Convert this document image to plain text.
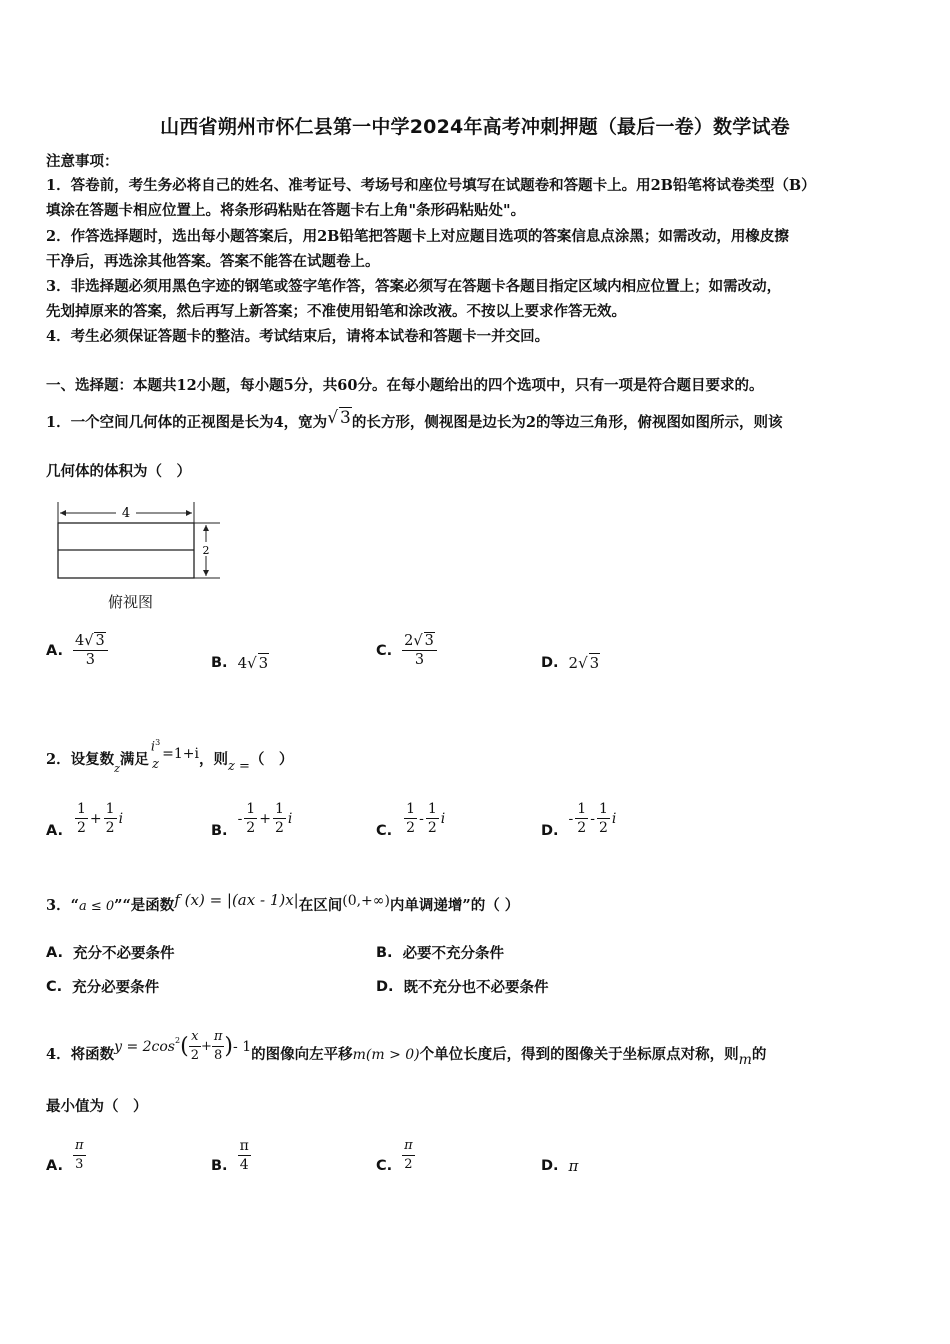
山西省朔州市怀仁县第一中学2024年高考冲刺押题（最后一卷）数学试卷
注意事项：
1．答卷前，考生务必将自己的姓名、准考证号、考场号和座位号填写在试题卷和答题卡上。用2B铅笔将试卷类型（B）
填涂在答题卡相应位置上。将条形码粘贴在答题卡右上角"条形码粘贴处"。
2．作答选择题时，选出每小题答案后，用2B铅笔把答题卡上对应题目选项的答案信息点涂黑；如需改动，用橡皮擦
干净后，再选涂其他答案。答案不能答在试题卷上。
3．非选择题必须用黑色字迹的钢笔或签字笔作答，答案必须写在答题卡各题目指定区域内相应位置上；如需改动，
先划掉原来的答案，然后再写上新答案；不准使用铅笔和涂改液。不按以上要求作答无效。
4．考生必须保证答题卡的整洁。考试结束后，请将本试卷和答题卡一并交回。
一、选择题：本题共12小题，每小题5分，共60分。在每小题给出的四个选项中，只有一项是符合题目要求的。
1．一个空间几何体的正视图是长为4，宽为√ 3的长方形，侧视图是边长为2的等边三角形，俯视图如图所示，则该
几何体的体积为（　）
4
2
俯视图
A. $\frac{4√ 3}{3}$	B. 4√ 3
C. $\frac{2√ 3}{3}$	D. 2√ 3
2．设复数$_z$满足
$i^3$
z
=1+i，则z =（　）
A. $\frac{1}{2} + \frac{1}{2}$ i
B.
- $\frac{1}{2} + \frac{1}{2}$ i
C. $\frac{1}{2} - \frac{1}{2}$ i
D.
- $\frac{1}{2} - \frac{1}{2}$ i
3．“a ≤ 0”“是函数f (x) = |(ax - 1)x|在区间(0,+∞)内单调递增”的（ ）
A. 充分不必要条件	B. 必要不充分条件
C. 充分必要条件	D. 既不充分也不必要条件
4．将函数 $y = 2\cos^2$ ( $\frac{x}{2} + \frac{\pi}{8}$ ) - 1 的图像向左平移 m(m > 0) 个单位长度后，得到的图像关于坐标原点对称，则 m 的
最小值为（　）
A. $\frac{\pi}{3}$	B. $\frac{\pi}{4}$	C. $\frac{\pi}{2}$	D. π
